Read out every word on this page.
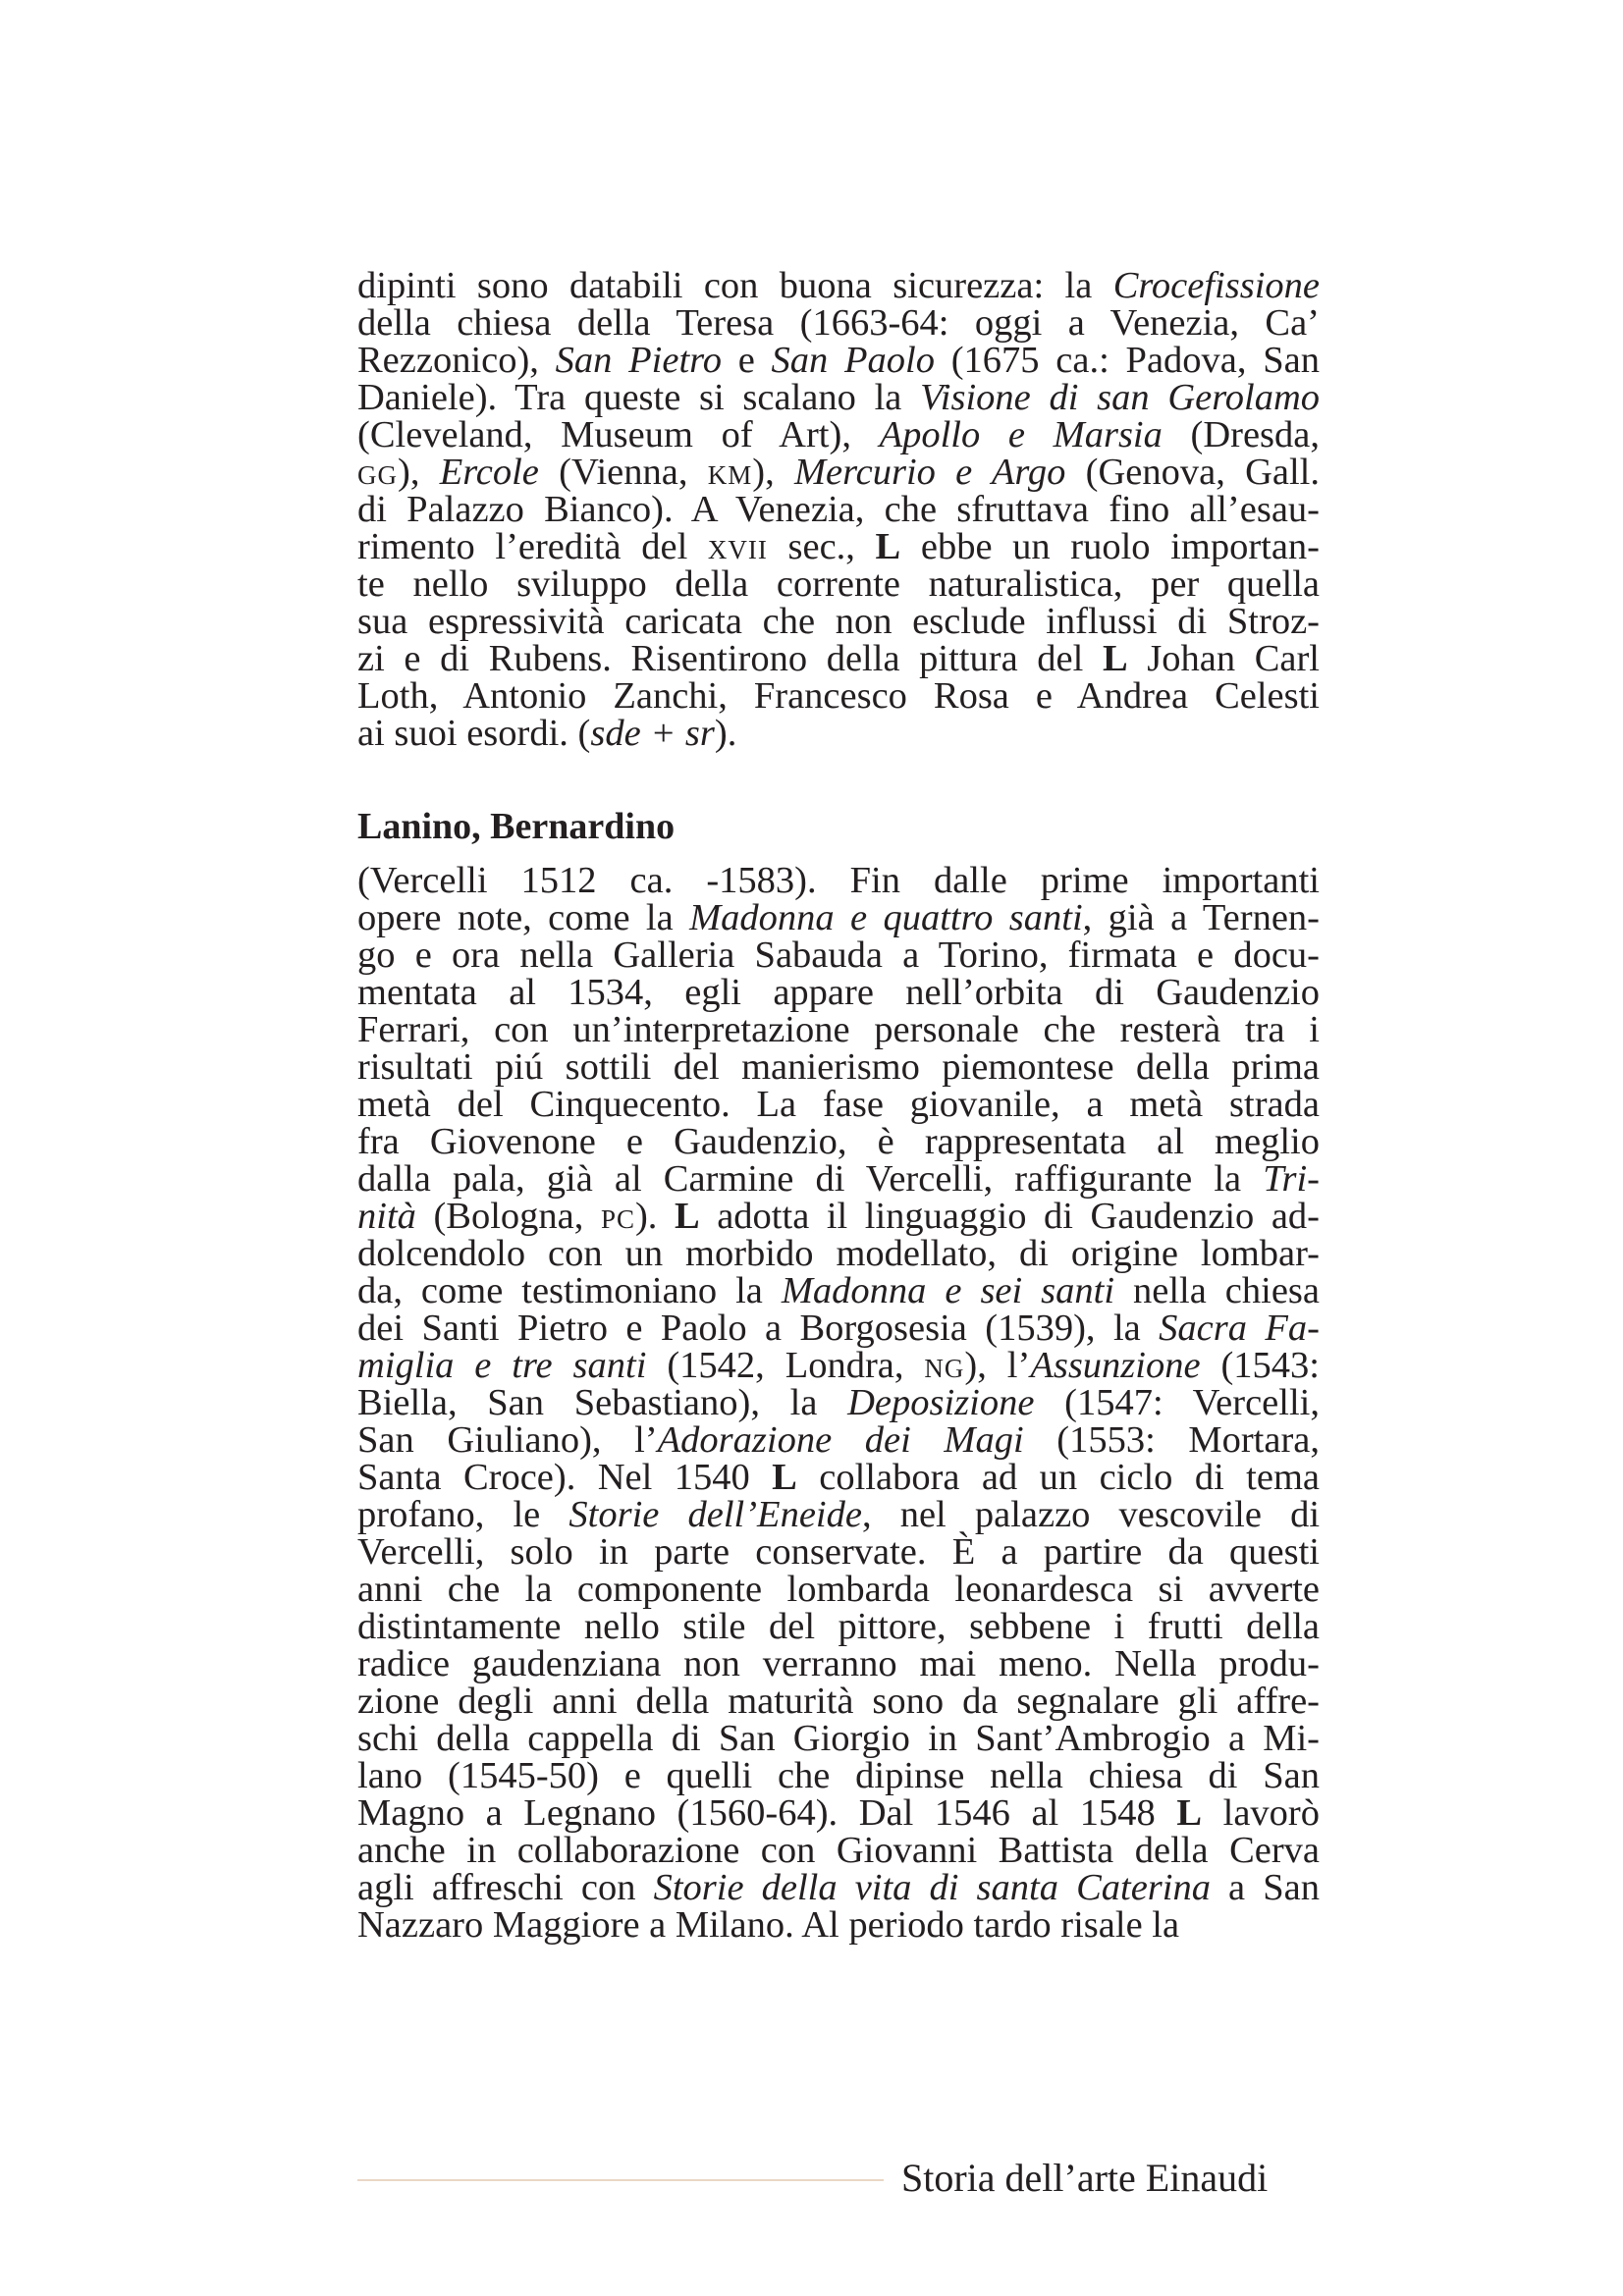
dipinti sono databili con buona sicurezza: la Crocefissione
della chiesa della Teresa (1663-64: oggi a Venezia, Ca’
Rezzonico), San Pietro e San Paolo (1675 ca.: Padova, San
Daniele). Tra queste si scalano la Visione di san Gerolamo
(Cleveland, Museum of Art), Apollo e Marsia (Dresda,
GG), Ercole (Vienna, KM), Mercurio e Argo (Genova, Gall.
di Palazzo Bianco). A Venezia, che sfruttava fino all’esau-
rimento l’eredità del XVII sec., L ebbe un ruolo importan-
te nello sviluppo della corrente naturalistica, per quella
sua espressività caricata che non esclude influssi di Stroz-
zi e di Rubens. Risentirono della pittura del L Johan Carl
Loth, Antonio Zanchi, Francesco Rosa e Andrea Celesti
ai suoi esordi. (sde + sr).
Lanino, Bernardino
(Vercelli 1512 ca. -1583). Fin dalle prime importanti
opere note, come la Madonna e quattro santi, già a Ternen-
go e ora nella Galleria Sabauda a Torino, firmata e docu-
mentata al 1534, egli appare nell’orbita di Gaudenzio
Ferrari, con un’interpretazione personale che resterà tra i
risultati piú sottili del manierismo piemontese della prima
metà del Cinquecento. La fase giovanile, a metà strada
fra Giovenone e Gaudenzio, è rappresentata al meglio
dalla pala, già al Carmine di Vercelli, raffigurante la Tri-
nità (Bologna, PC). L adotta il linguaggio di Gaudenzio ad-
dolcendolo con un morbido modellato, di origine lombar-
da, come testimoniano la Madonna e sei santi nella chiesa
dei Santi Pietro e Paolo a Borgosesia (1539), la Sacra Fa-
miglia e tre santi (1542, Londra, NG), l’Assunzione (1543:
Biella, San Sebastiano), la Deposizione (1547: Vercelli,
San Giuliano), l’Adorazione dei Magi (1553: Mortara,
Santa Croce). Nel 1540 L collabora ad un ciclo di tema
profano, le Storie dell’Eneide, nel palazzo vescovile di
Vercelli, solo in parte conservate. È a partire da questi
anni che la componente lombarda leonardesca si avverte
distintamente nello stile del pittore, sebbene i frutti della
radice gaudenziana non verranno mai meno. Nella produ-
zione degli anni della maturità sono da segnalare gli affre-
schi della cappella di San Giorgio in Sant’Ambrogio a Mi-
lano (1545-50) e quelli che dipinse nella chiesa di San
Magno a Legnano (1560-64). Dal 1546 al 1548 L lavorò
anche in collaborazione con Giovanni Battista della Cerva
agli affreschi con Storie della vita di santa Caterina a San
Nazzaro Maggiore a Milano. Al periodo tardo risale la
Storia dell’arte Einaudi
